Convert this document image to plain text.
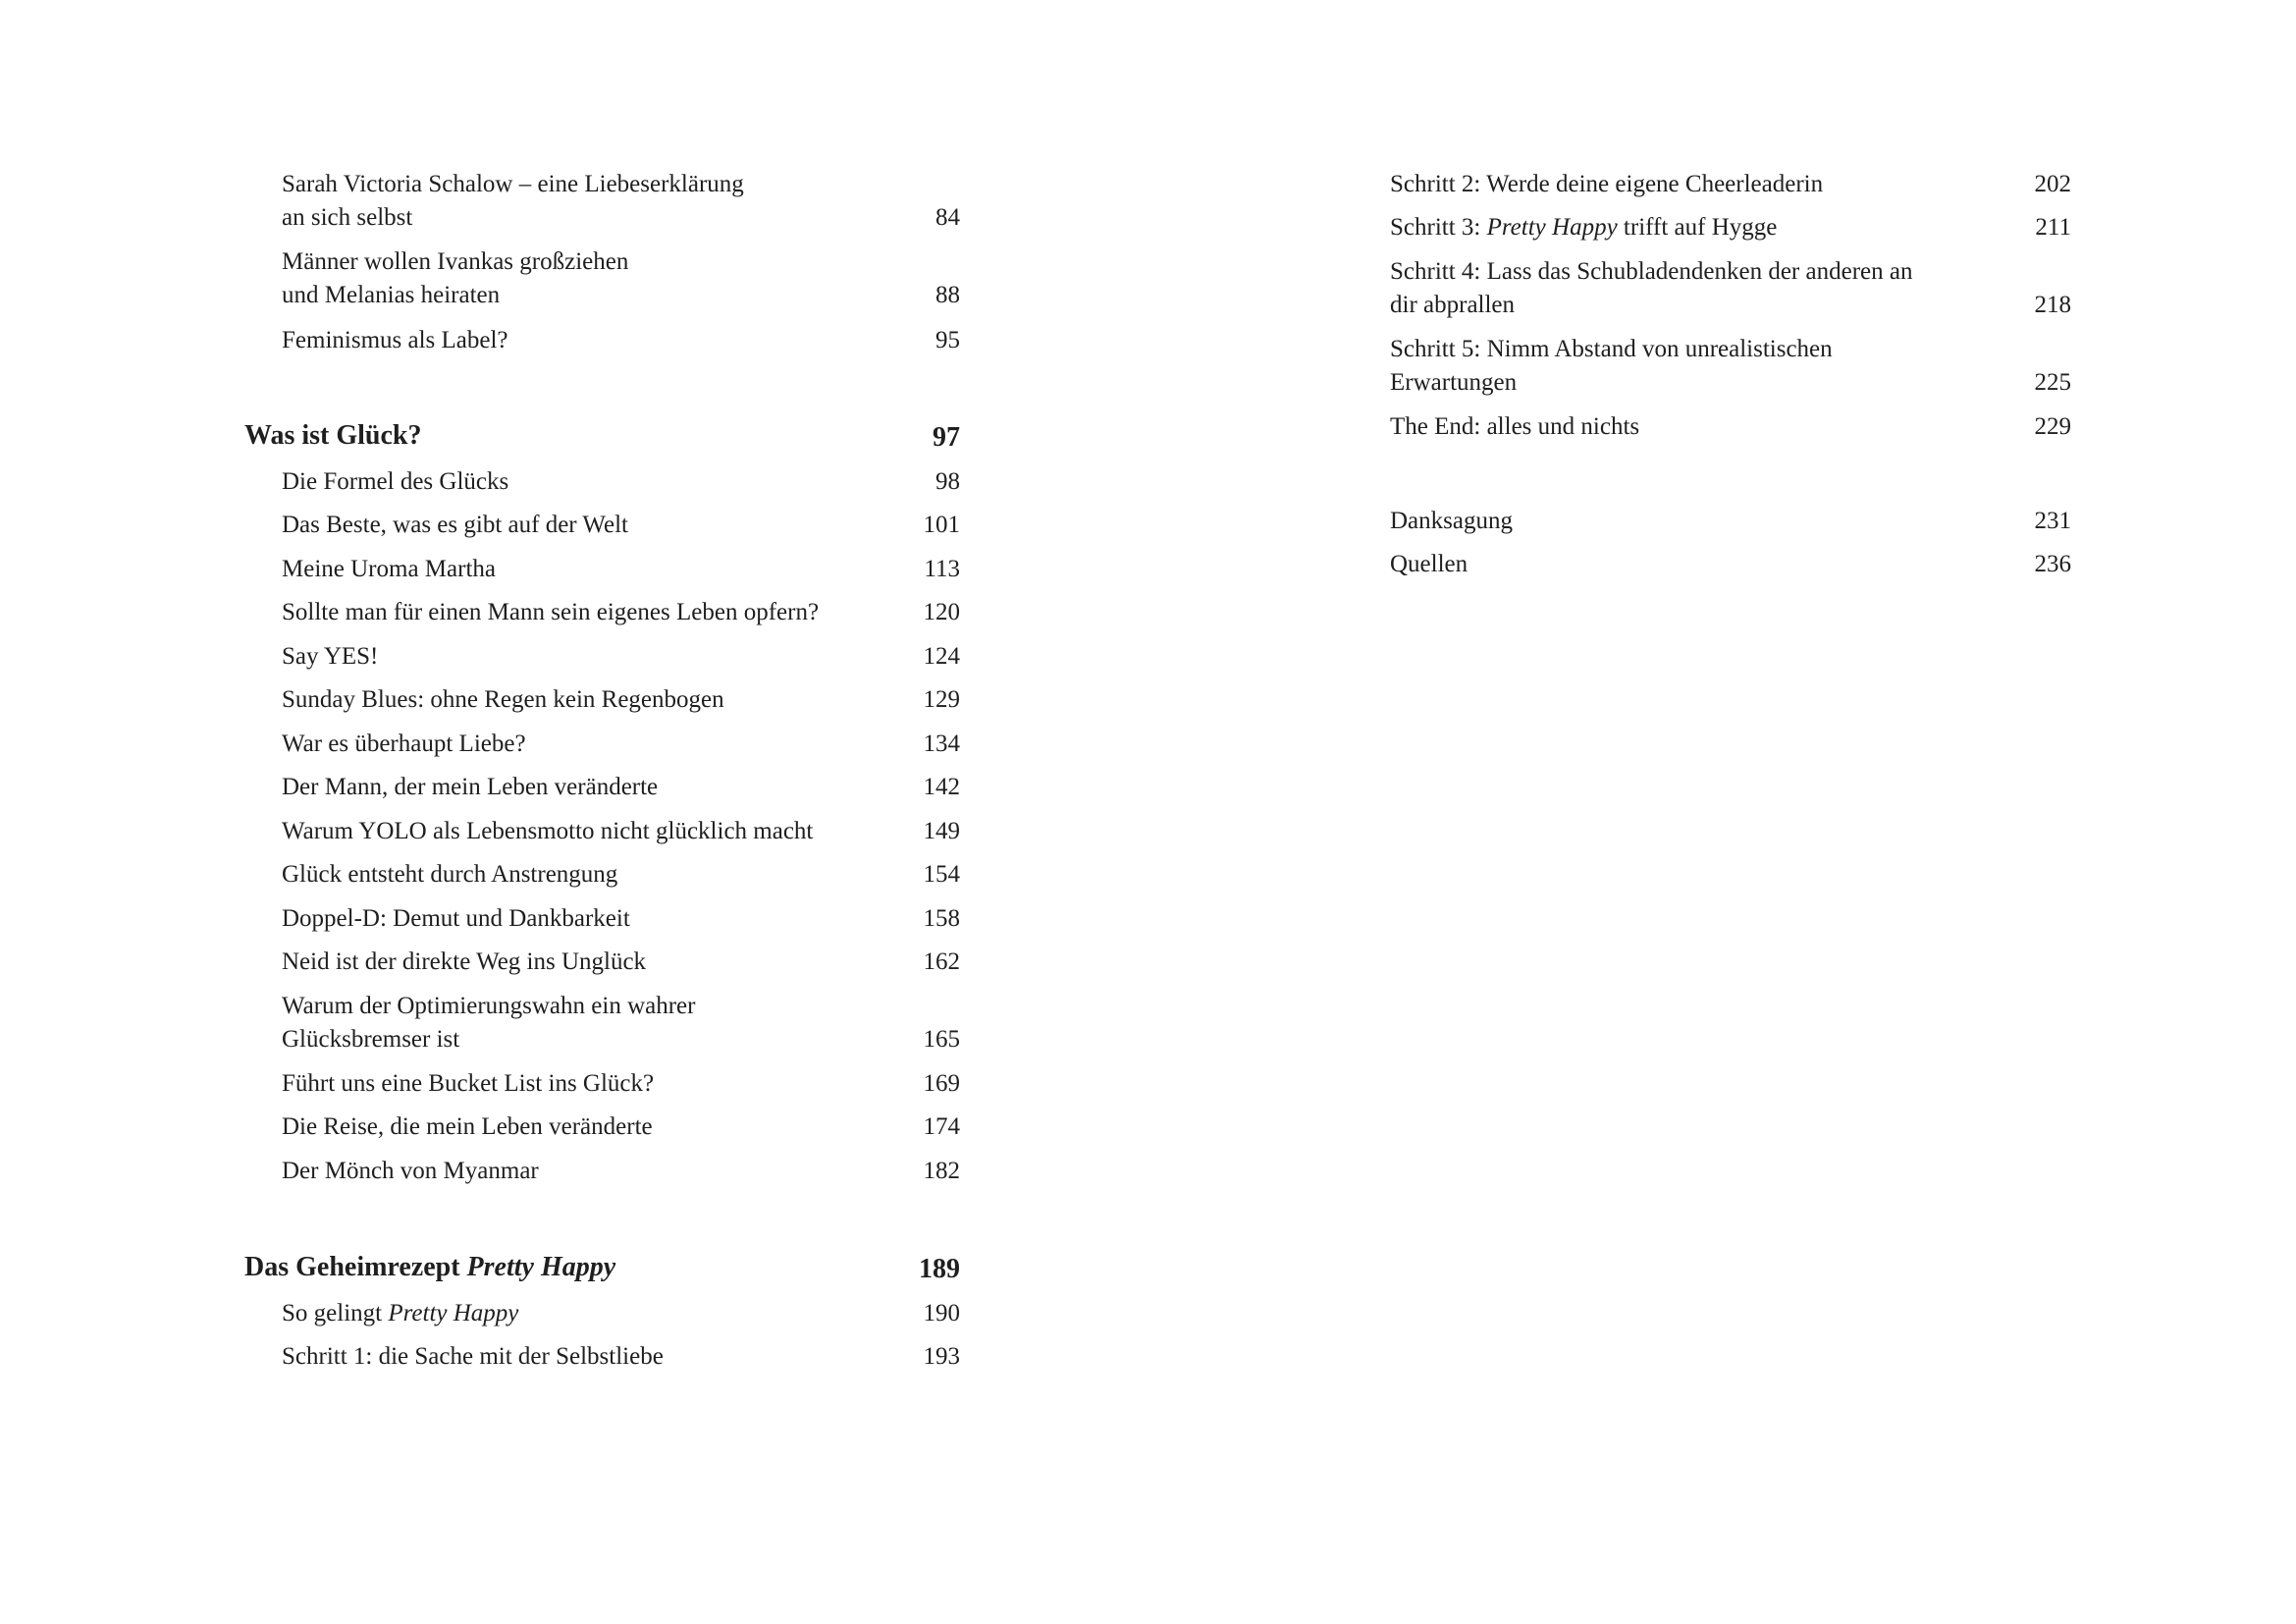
Sarah Victoria Schalow – eine Liebeserklärung
an sich selbst	84
Männer wollen Ivankas großziehen
und Melanias heiraten	88
Feminismus als Label?	95
Was ist Glück?	97
Die Formel des Glücks	98
Das Beste, was es gibt auf der Welt	101
Meine Uroma Martha	113
Sollte man für einen Mann sein eigenes Leben opfern?	120
Say YES!	124
Sunday Blues: ohne Regen kein Regenbogen	129
War es überhaupt Liebe?	134
Der Mann, der mein Leben veränderte	142
Warum YOLO als Lebensmotto nicht glücklich macht	149
Glück entsteht durch Anstrengung	154
Doppel-D: Demut und Dankbarkeit	158
Neid ist der direkte Weg ins Unglück	162
Warum der Optimierungswahn ein wahrer
Glücksbremser ist	165
Führt uns eine Bucket List ins Glück?	169
Die Reise, die mein Leben veränderte	174
Der Mönch von Myanmar	182
Das Geheimrezept Pretty Happy	189
So gelingt Pretty Happy	190
Schritt 1: die Sache mit der Selbstliebe	193
Schritt 2: Werde deine eigene Cheerleaderin	202
Schritt 3: Pretty Happy trifft auf Hygge	211
Schritt 4: Lass das Schubladendenken der anderen an
dir abprallen	218
Schritt 5: Nimm Abstand von unrealistischen
Erwartungen	225
The End: alles und nichts	229
Danksagung	231
Quellen	236
